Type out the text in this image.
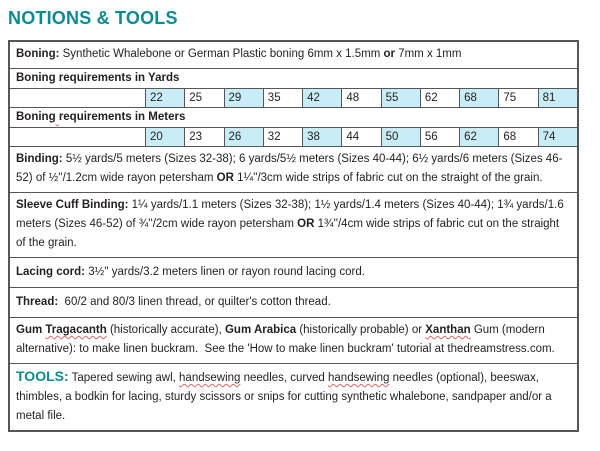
NOTIONS & TOOLS

Boning: Synthetic Whalebone or German Plastic boning 6mm x 1.5mm or 7mm x 1mm

Boning requirements in Yards
22	25	29	35	42	48	55	62	68	75	81
Boning requirements in Meters
20	23	26	32	38	44	50	56	62	68	74

Binding: 5½ yards/5 meters (Sizes 32-38); 6 yards/5½ meters (Sizes 40-44); 6½ yards/6 meters (Sizes 46-52) of ½''/1.2cm wide rayon petersham OR 1¼''/3cm wide strips of fabric cut on the straight of the grain.

Sleeve Cuff Binding: 1¼ yards/1.1 meters (Sizes 32-38); 1½ yards/1.4 meters (Sizes 40-44); 1¾ yards/1.6 meters (Sizes 46-52) of ¾''/2cm wide rayon petersham OR 1¾''/4cm wide strips of fabric cut on the straight of the grain.

Lacing cord: 3½'' yards/3.2 meters linen or rayon round lacing cord.

Thread:  60/2 and 80/3 linen thread, or quilter's cotton thread.

Gum Tragacanth (historically accurate), Gum Arabica (historically probable) or Xanthan Gum (modern alternative): to make linen buckram.  See the 'How to make linen buckram' tutorial at thedreamstress.com.

TOOLS: Tapered sewing awl, handsewing needles, curved handsewing needles (optional), beeswax, thimbles, a bodkin for lacing, sturdy scissors or snips for cutting synthetic whalebone, sandpaper and/or a metal file.
